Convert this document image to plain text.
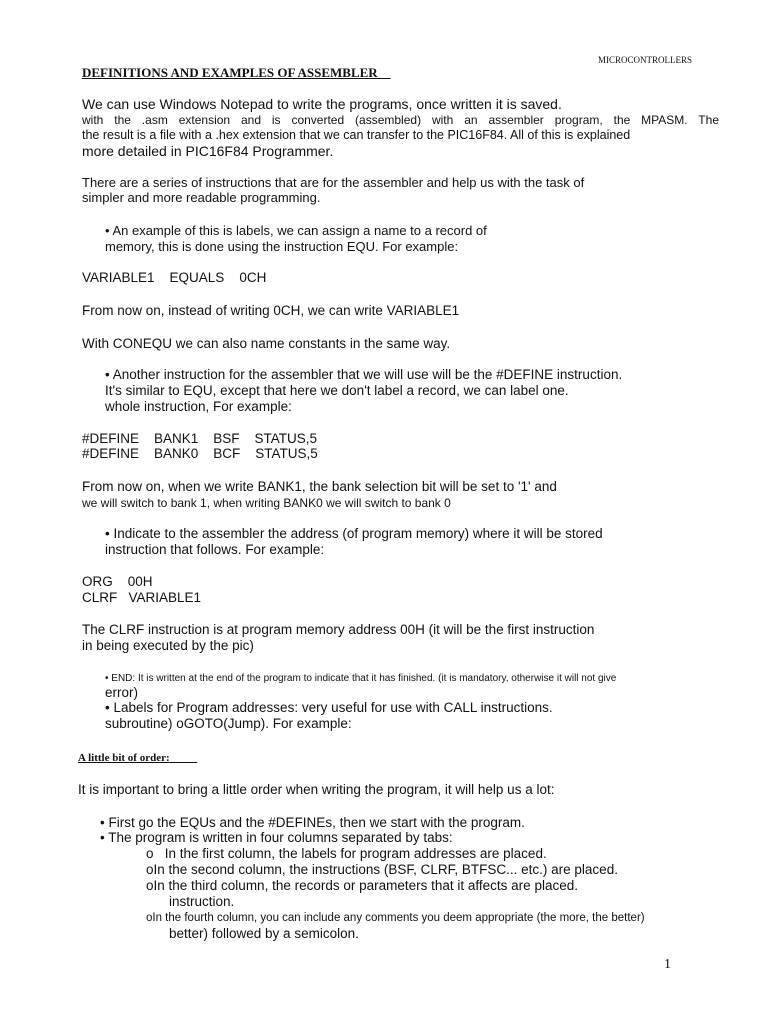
MICROCONTROLLERS
DEFINITIONS AND EXAMPLES OF ASSEMBLER
We can use Windows Notepad to write the programs, once written it is saved.
with the .asm extension and is converted (assembled) with an assembler program, the MPASM. The
the result is a file with a .hex extension that we can transfer to the PIC16F84. All of this is explained
more detailed in PIC16F84 Programmer.
There are a series of instructions that are for the assembler and help us with the task of
simpler and more readable programming.
• An example of this is labels, we can assign a name to a record of
memory, this is done using the instruction EQU. For example:
VARIABLE1    EQUALS    0CH
From now on, instead of writing 0CH, we can write VARIABLE1
With CONEQU we can also name constants in the same way.
• Another instruction for the assembler that we will use will be the #DEFINE instruction.
It's similar to EQU, except that here we don't label a record, we can label one.
whole instruction, For example:
#DEFINE    BANK1    BSF    STATUS,5
#DEFINE    BANK0    BCF    STATUS,5
From now on, when we write BANK1, the bank selection bit will be set to '1' and
we will switch to bank 1, when writing BANK0 we will switch to bank 0
• Indicate to the assembler the address (of program memory) where it will be stored
instruction that follows. For example:
ORG    00H
CLRF   VARIABLE1
The CLRF instruction is at program memory address 00H (it will be the first instruction
in being executed by the pic)
• END: It is written at the end of the program to indicate that it has finished. (it is mandatory, otherwise it will not give
error)
• Labels for Program addresses: very useful for use with CALL instructions.
subroutine) oGOTO(Jump). For example:
A little bit of order:
It is important to bring a little order when writing the program, it will help us a lot:
• First go the EQUs and the #DEFINEs, then we start with the program.
• The program is written in four columns separated by tabs:
o   In the first column, the labels for program addresses are placed.
oIn the second column, the instructions (BSF, CLRF, BTFSC... etc.) are placed.
oIn the third column, the records or parameters that it affects are placed.
instruction.
oIn the fourth column, you can include any comments you deem appropriate (the more, the better)
better) followed by a semicolon.
1
